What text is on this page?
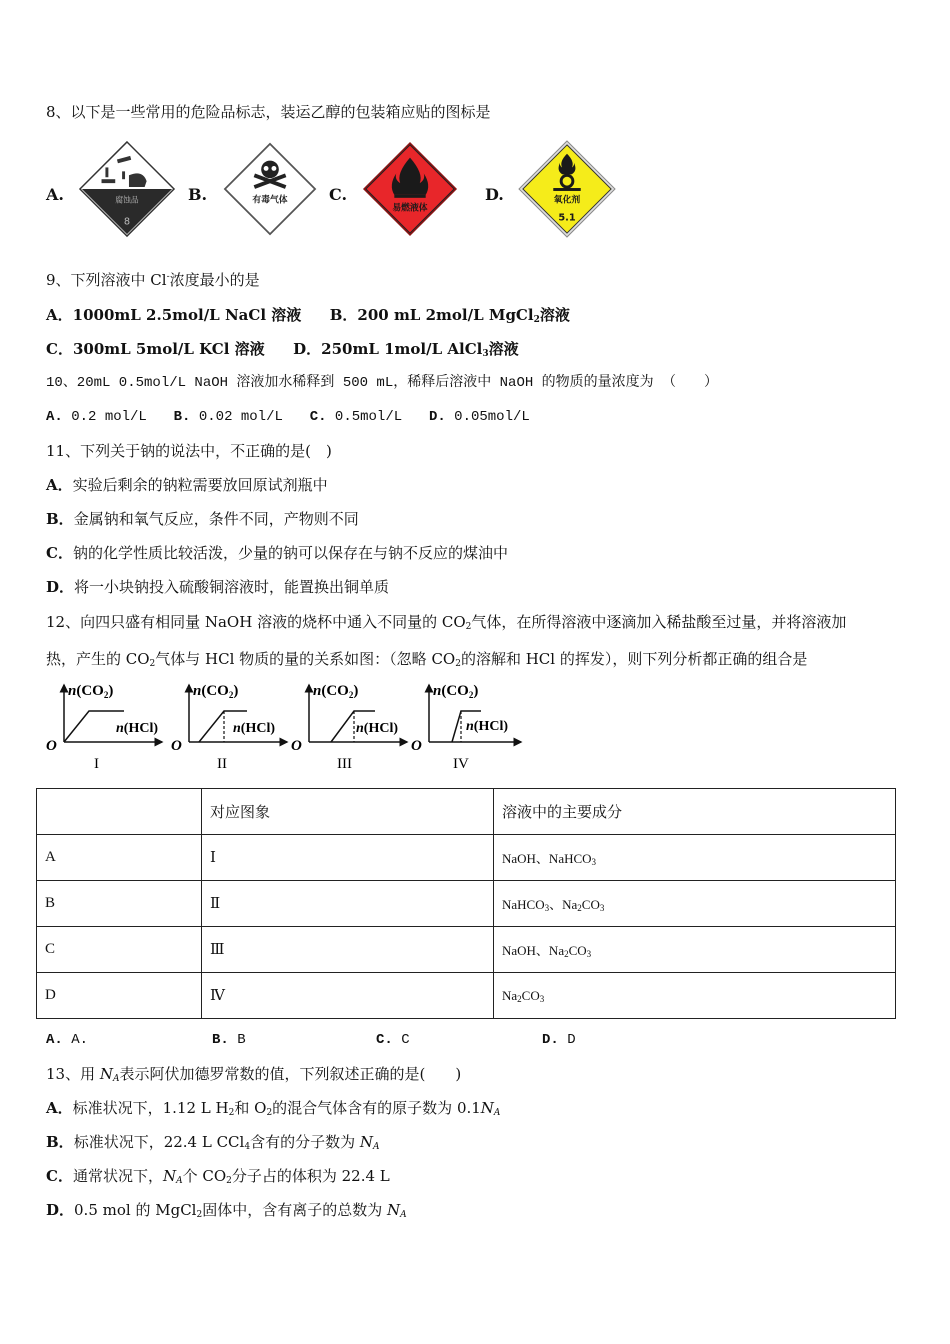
8、以下是一些常用的危险品标志，装运乙醇的包装箱应贴的图标是
A.	腐蚀品
8
B.	有毒气体	C.
易燃液体
D.	氧化剂
5.1
9、下列溶液中 Cl-浓度最小的是
A．1000mL 2.5mol/L NaCl 溶液 B．200 mL 2mol/L MgCl$_2$溶液
C．300mL 5mol/L KCl 溶液 D．250mL 1mol/L AlCl$_3$溶液
10、20mL 0.5mol/L NaOH 溶液加水稀释到 500 mL，稀释后溶液中 NaOH 的物质的量浓度为 （　　）
A. 0.2 mol/L B. 0.02 mol/L C. 0.5mol/L D. 0.05mol/L
11、下列关于钠的说法中，不正确的是(　)
A．实验后剩余的钠粒需要放回原试剂瓶中
B．金属钠和氧气反应，条件不同，产物则不同
C．钠的化学性质比较活泼，少量的钠可以保存在与钠不反应的煤油中
D．将一小块钠投入硫酸铜溶液时，能置换出铜单质
12、向四只盛有相同量 NaOH 溶液的烧杯中通入不同量的 $CO_2$气体，在所得溶液中逐滴加入稀盐酸至过量，并将溶液加
热，产生的 $CO_2$气体与 HCl 物质的量的关系如图：（忽略 $CO_2$的溶解和 HCl 的挥发），则下列分析都正确的组合是
$n(CO_2)$
n(HCl)
O
I
$n(CO_2)$
n(HCl)
O
II
$n(CO_2)$
n(HCl)
O
III
$n(CO_2)$
n(HCl)
O
IV
	对应图象	溶液中的主要成分
A	Ⅰ	NaOH、NaHCO$_3$
B	Ⅱ	NaHCO$_3$、$Na_2CO_3$
C	Ⅲ	NaOH、$Na_2CO_3$
D	Ⅳ	$Na_2CO_3$
A. A.	B. B	C. C	D. D
13、用 $N_A$表示阿伏加德罗常数的值，下列叙述正确的是(　　)
A．标准状况下，1.12 L $H_2$和 $O_2$的混合气体含有的原子数为 $0.1N_A$
B．标准状况下，22.4 L CCl$_4$含有的分子数为 $N_A$
C．通常状况下，$N_A$个 $CO_2$分子占的体积为 22.4 L
D．0.5 mol 的 MgCl$_2$固体中，含有离子的总数为 $N_A$
